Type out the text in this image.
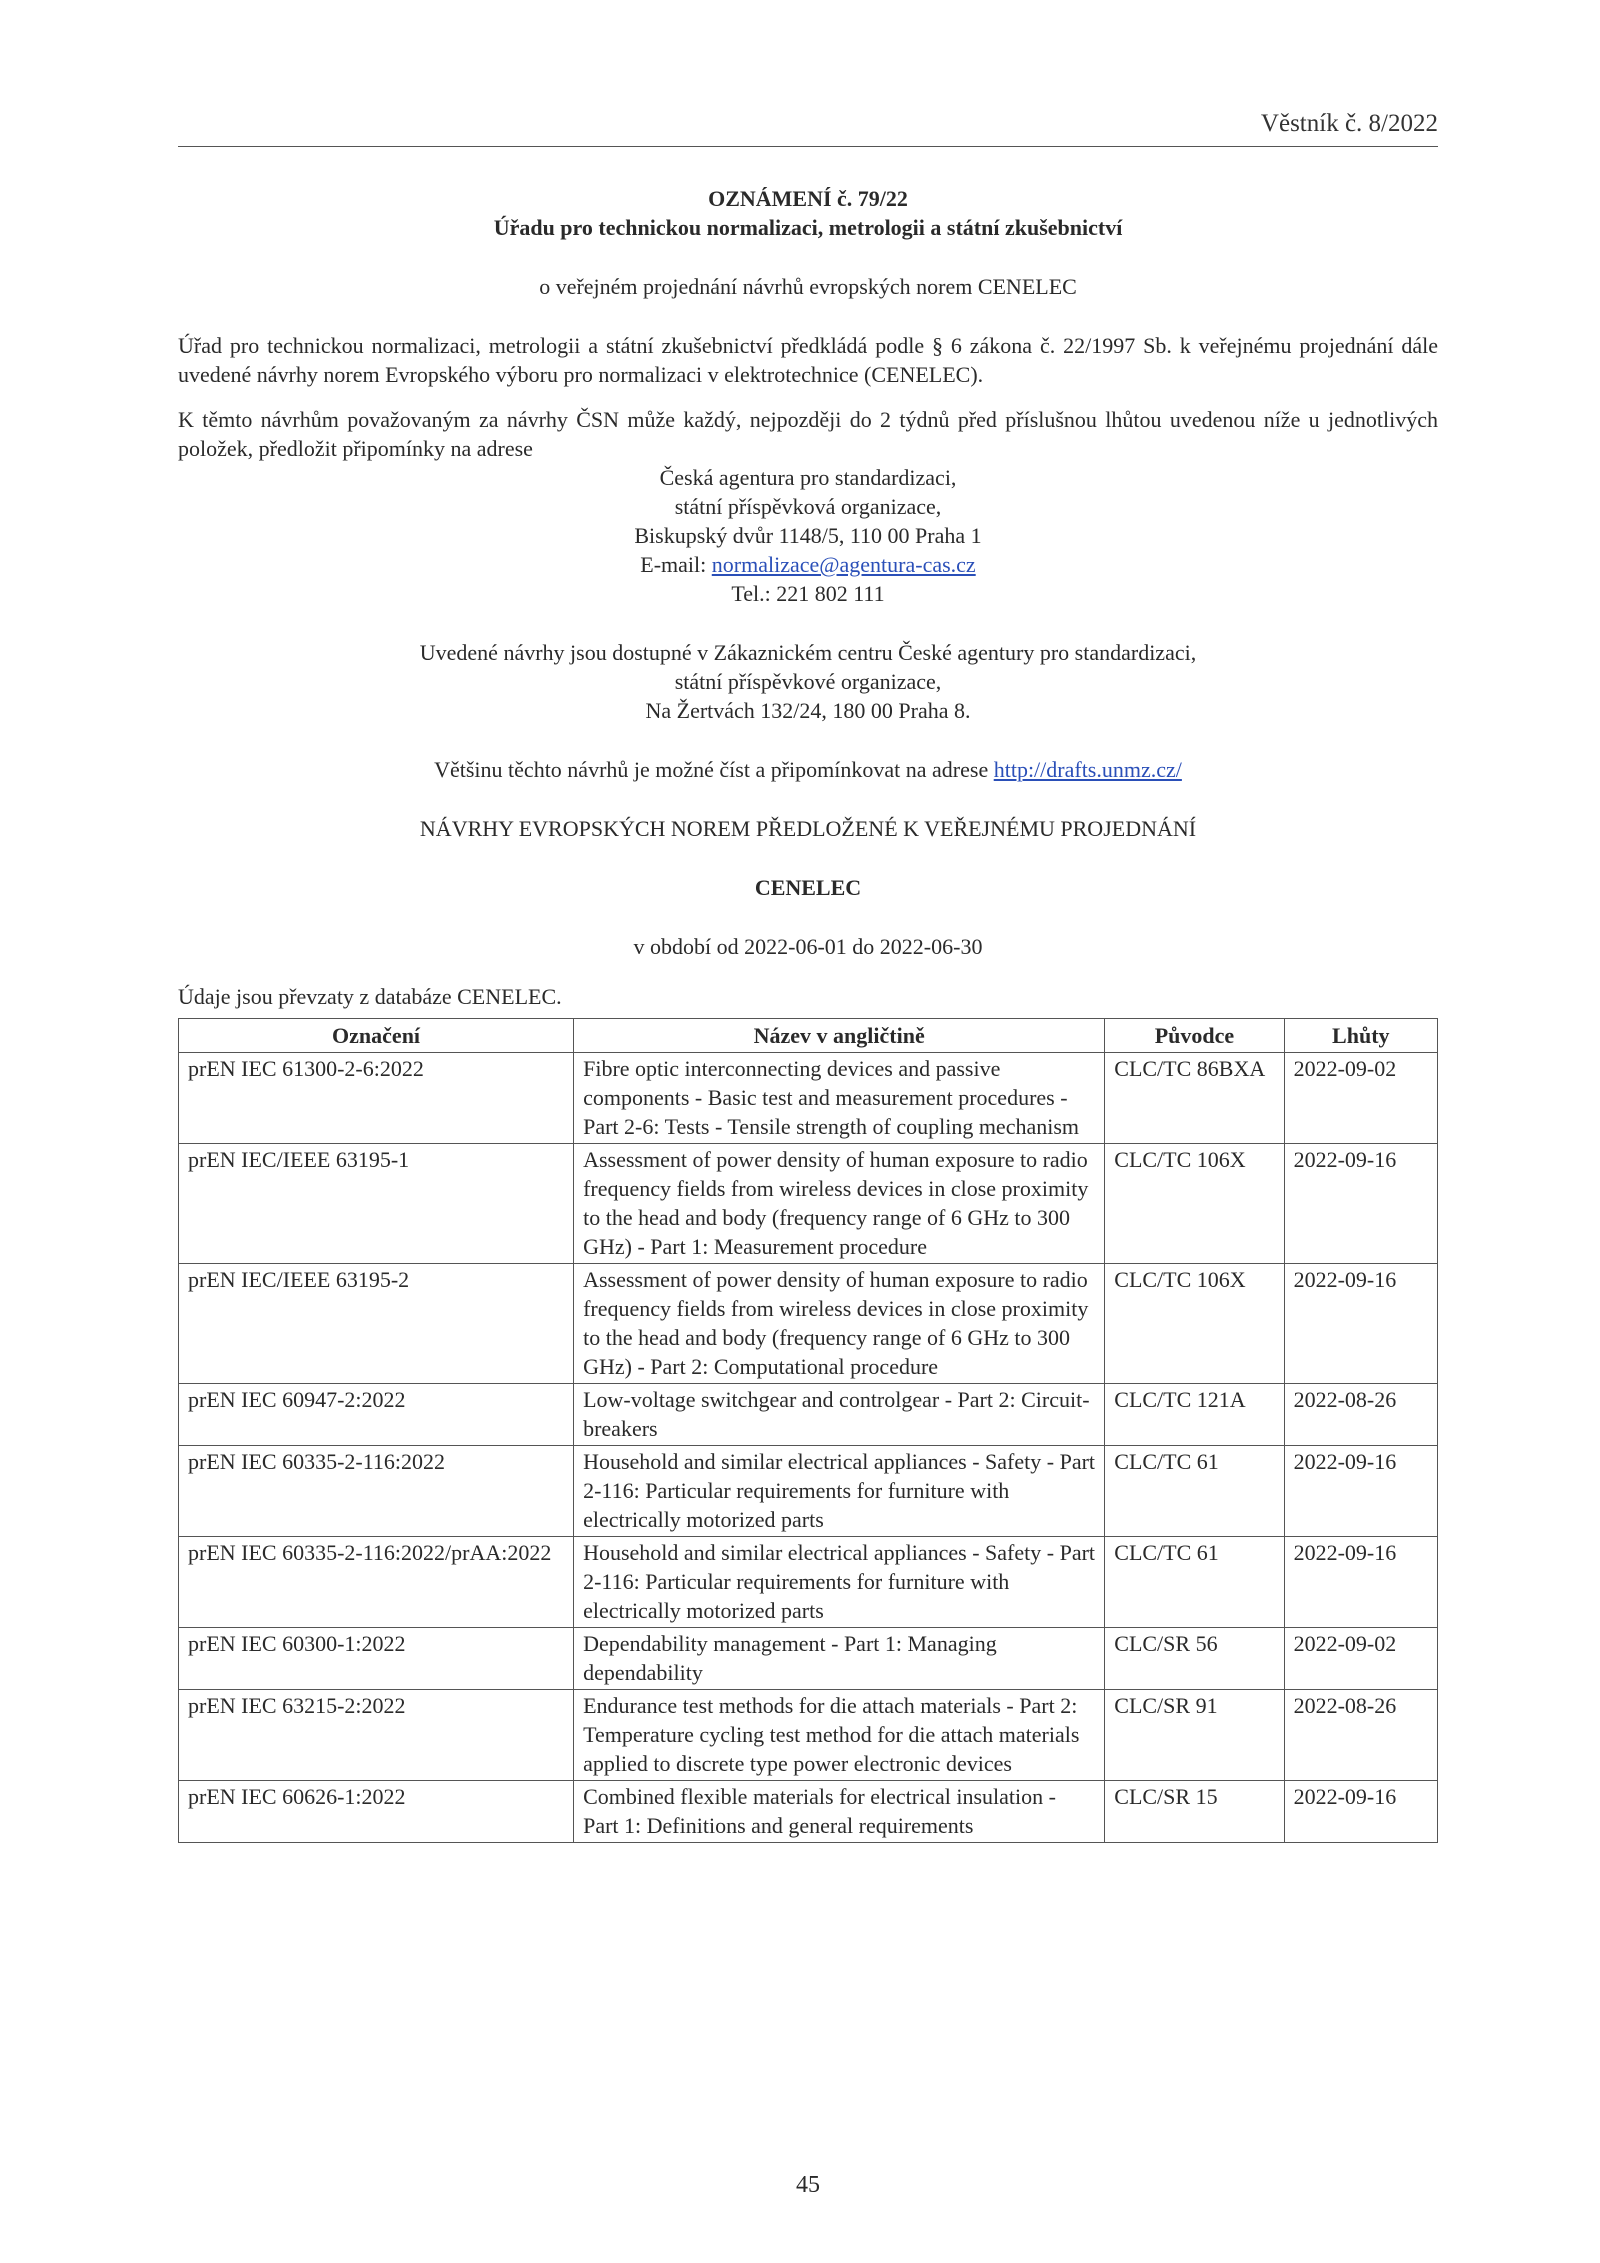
Věstník č. 8/2022
OZNÁMENÍ č. 79/22
Úřadu pro technickou normalizaci, metrologii a státní zkušebnictví
o veřejném projednání návrhů evropských norem CENELEC
Úřad pro technickou normalizaci, metrologii a státní zkušebnictví předkládá podle § 6 zákona č. 22/1997 Sb. k veřejnému projednání dále uvedené návrhy norem Evropského výboru pro normalizaci v elektrotechnice (CENELEC).
K těmto návrhům považovaným za návrhy ČSN může každý, nejpozději do 2 týdnů před příslušnou lhůtou uvedenou níže u jednotlivých položek, předložit připomínky na adrese
Česká agentura pro standardizaci,
státní příspěvková organizace,
Biskupský dvůr 1148/5, 110 00 Praha 1
E-mail: normalizace@agentura-cas.cz
Tel.: 221 802 111
Uvedené návrhy jsou dostupné v Zákaznickém centru České agentury pro standardizaci,
státní příspěvkové organizace,
Na Žertvách 132/24, 180 00 Praha 8.
Většinu těchto návrhů je možné číst a připomínkovat na adrese http://drafts.unmz.cz/
NÁVRHY EVROPSKÝCH NOREM PŘEDLOŽENÉ K VEŘEJNÉMU PROJEDNÁNÍ
CENELEC
v období od 2022-06-01 do 2022-06-30
Údaje jsou převzaty z databáze CENELEC.
Označení	Název v angličtině	Původce	Lhůty
prEN IEC 61300-2-6:2022	Fibre optic interconnecting devices and passive components - Basic test and measurement procedures - Part 2-6: Tests - Tensile strength of coupling mechanism	CLC/TC 86BXA	2022-09-02
prEN IEC/IEEE 63195-1	Assessment of power density of human exposure to radio frequency fields from wireless devices in close proximity to the head and body (frequency range of 6 GHz to 300 GHz) - Part 1: Measurement procedure	CLC/TC 106X	2022-09-16
prEN IEC/IEEE 63195-2	Assessment of power density of human exposure to radio frequency fields from wireless devices in close proximity to the head and body (frequency range of 6 GHz to 300 GHz) - Part 2: Computational procedure	CLC/TC 106X	2022-09-16
prEN IEC 60947-2:2022	Low-voltage switchgear and controlgear - Part 2: Circuit-breakers	CLC/TC 121A	2022-08-26
prEN IEC 60335-2-116:2022	Household and similar electrical appliances - Safety - Part 2-116: Particular requirements for furniture with electrically motorized parts	CLC/TC 61	2022-09-16
prEN IEC 60335-2-116:2022/prAA:2022	Household and similar electrical appliances - Safety - Part 2-116: Particular requirements for furniture with electrically motorized parts	CLC/TC 61	2022-09-16
prEN IEC 60300-1:2022	Dependability management - Part 1: Managing dependability	CLC/SR 56	2022-09-02
prEN IEC 63215-2:2022	Endurance test methods for die attach materials - Part 2: Temperature cycling test method for die attach materials applied to discrete type power electronic devices	CLC/SR 91	2022-08-26
prEN IEC 60626-1:2022	Combined flexible materials for electrical insulation - Part 1: Definitions and general requirements	CLC/SR 15	2022-09-16
45
